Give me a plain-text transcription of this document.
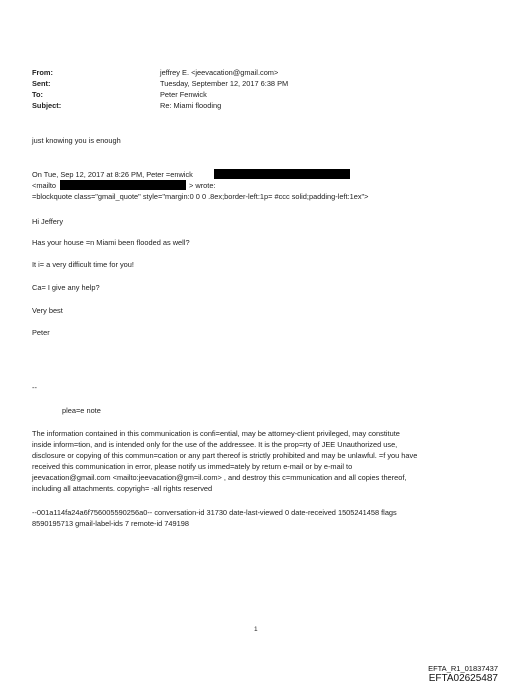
From:	jeffrey E. <jeevacation@gmail.com>
Sent:	Tuesday, September 12, 2017 6:38 PM
To:	Peter Fenwick
Subject:	Re: Miami flooding
just knowing you is enough
On Tue, Sep 12, 2017 at 8:26 PM, Peter =enwick
<mailto	> wrote:
=blockquote class="gmail_quote" style="margin:0 0 0 .8ex;border-left:1p= #ccc solid;padding-left:1ex">
Hi Jeffery
Has your house =n Miami been flooded as well?
It i= a very difficult time for you!
Ca= I give any help?
Very best
Peter
--
plea=e note
The information contained in this communication is confi=ential, may be attorney-client privileged, may constitute
inside inform=tion, and is intended only for the use of the addressee. It is the prop=rty of JEE Unauthorized use,
disclosure or copying of this commun=cation or any part thereof is strictly prohibited and may be unlawful. =f you have
received this communication in error, please notify us immed=ately by return e-mail or by e-mail to
jeevacation@gmail.com <mailto:jeevacation@gm=il.com> , and destroy this c=mmunication and all copies thereof,
including all attachments. copyrigh= -all rights reserved
--001a114fa24a6f756005590256a0-- conversation-id 31730 date-last-viewed 0 date-received 1505241458 flags
8590195713 gmail-label-ids 7 remote-id 749198
1
EFTA_R1_01837437
EFTA02625487
